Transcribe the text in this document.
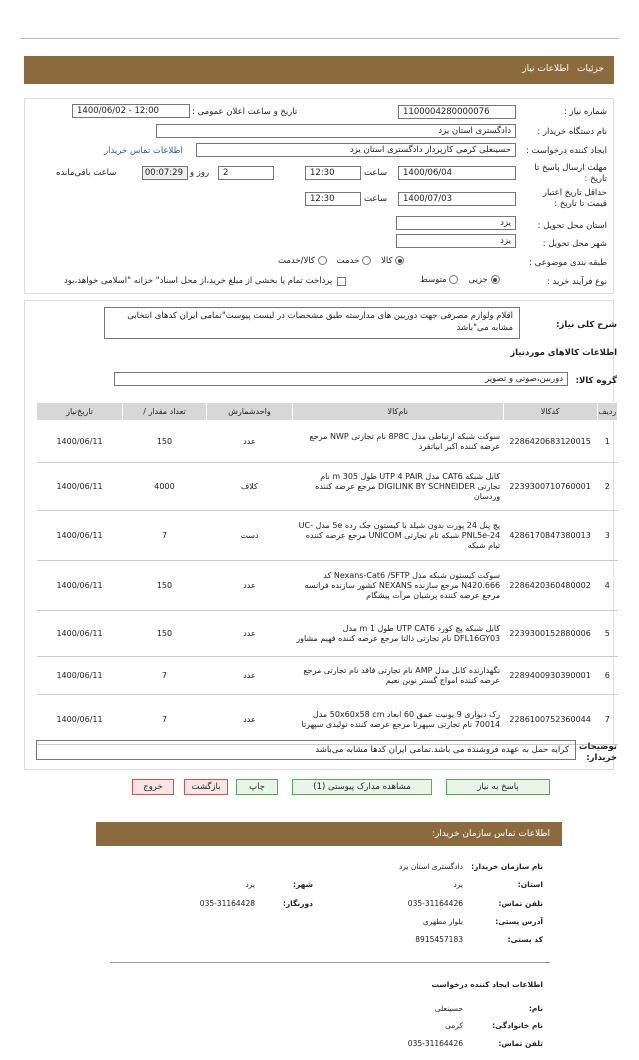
جزئیات
اطلاعات نیاز
شماره نیاز :
1100004280000076
تاریخ و ساعت اعلان عمومی :
1400/06/02 - 12:00
نام دستگاه خریدار :
دادگستری استان یزد
ایجاد کننده درخواست :
حسینعلی کرمی کارپرداز دادگستری استان یزد
اطلاعات تماس خریدار
مهلت ارسال پاسخ تا تاریخ :
1400/06/04
ساعت
12:30
2
روز و
00:07:29
ساعت باقی‌مانده
حداقل تاریخ اعتبار قیمت تا تاریخ :
1400/07/03
ساعت
12:30
استان محل تحویل :
یزد
شهر محل تحویل :
یزد
طبقه بندی موضوعی :
کالا
خدمت
کالا/خدمت
نوع فرآیند خرید :
جزیی
متوسط
پرداخت تمام یا بخشی از مبلغ خرید،از محل اسناد" خزانه "اسلامی خواهد،بود
شرح کلی نیاز:
اقلام ولوازم مصرفی جهت دوربین های مدارسته طبق مشخصات در لیست پیوست"تمامی ایران کدهای انتخابی مشابه می"باشد
اطلاعات کالاهای موردنیاز
گروه کالا:
دوربین،صوتی و تصویر
ردیف	کدکالا	نام‌کالا	واحدشمارش	تعداد مقدار /	تاریخ‌نیاز
1	2286420683120015	سوکت شبکه ارتباطی مدل 8P8C نام تجارتی NWP مرجع عرضه کننده اکبر ابیاتفرد	عدد	150	1400/06/11
2	2239300710760001	کابل شبکه CAT6 مدل UTP 4 PAIR طول 305 m نام تجارتی DIGILINK BY SCHNEIDER مرجع عرضه کننده وردسان	کلاف	4000	1400/06/11
3	4286170847380013	پچ پنل 24 پورت بدون شیلد با کیستون جک رده 5e مدل UC- PNL5e-24 شبکه نام تجارتی UNICOM مرجع عرضه کننده تیام شبکه	دست	7	1400/06/11
4	2286420360480002	سوکت کیستون شبکه مدل Nexans-Cat6 /SFTP کد N420.666 مرجع سازنده NEXANS کشور سازنده فرانسه مرجع عرضه کننده پرشیان مرآت پیشگام	عدد	150	1400/06/11
5	2239300152880006	کابل شبکه پچ کورد UTP CAT6 طول 1 m مدل DFL16GY03 نام تجارتی دالتا مرجع عرضه کننده فهیم مشاور	عدد	150	1400/06/11
6	2289400930390001	نگهدارنده کابل مدل AMP نام تجارتی فاقد نام تجارتی مرجع عرضه کننده امواج گستر نوین نعیم	عدد	7	1400/06/11
7	2286100752360044	رک دیواری 9 یونیت عمق 60 ابعاد 50x60x58 cm مدل 70014 نام تجارتی سپهرتا مرجع عرضه کننده تولیدی سپهرتا	عدد	7	1400/06/11
توضیحات خریدار:
کرایه حمل به عهده فروشنده می باشد.تمامی ایران کدها مشابه می‌باشد
پاسخ به نیاز
مشاهده مدارک پیوستی (1)
چاپ
بازگشت
خروج
اطلاعات تماس سازمان خریدار:
نام سازمان خریدار:
دادگستری استان یزد
استان:
یزد
شهر:
یزد
تلفن تماس:
035-31164426
دورنگار:
035-31164428
آدرس پستی:
بلوار مطهری
کد پستی:
8915457183
اطلاعات ایجاد کننده درخواست
نام:
حسینعلی
نام خانوادگی:
کرمی
تلفن تماس:
035-31164426
